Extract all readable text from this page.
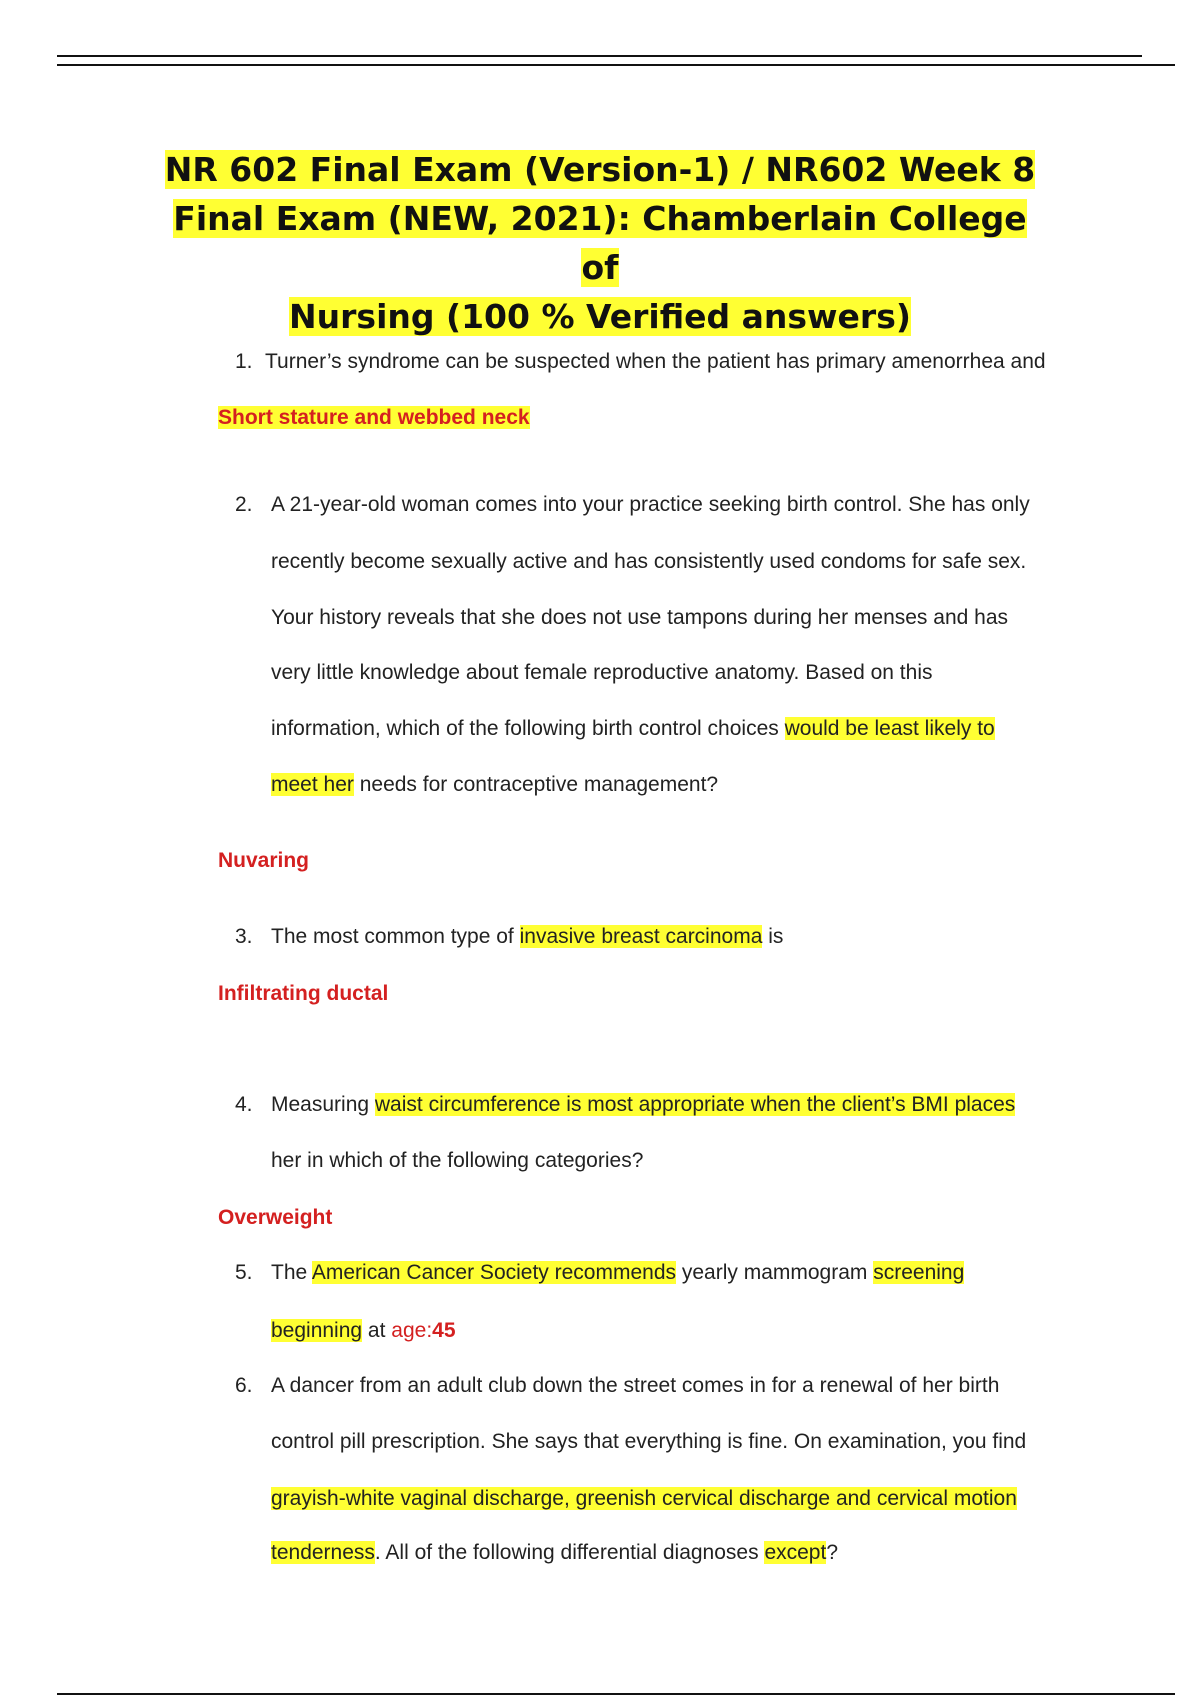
NR 602 Final Exam (Version-1) / NR602 Week 8
Final Exam (NEW, 2021): Chamberlain College of
Nursing (100 % Verified answers)
1. Turner’s syndrome can be suspected when the patient has primary amenorrhea and
Short stature and webbed neck
2. A 21-year-old woman comes into your practice seeking birth control. She has only
recently become sexually active and has consistently used condoms for safe sex.
Your history reveals that she does not use tampons during her menses and has
very little knowledge about female reproductive anatomy. Based on this
information, which of the following birth control choices would be least likely to
meet her needs for contraceptive management?
Nuvaring
3. The most common type of invasive breast carcinoma is
Infiltrating ductal
4. Measuring waist circumference is most appropriate when the client’s BMI places
her in which of the following categories?
Overweight
5. The American Cancer Society recommends yearly mammogram screening
beginning at age:45
6. A dancer from an adult club down the street comes in for a renewal of her birth
control pill prescription. She says that everything is fine. On examination, you find
grayish-white vaginal discharge, greenish cervical discharge and cervical motion
tenderness. All of the following differential diagnoses except?
